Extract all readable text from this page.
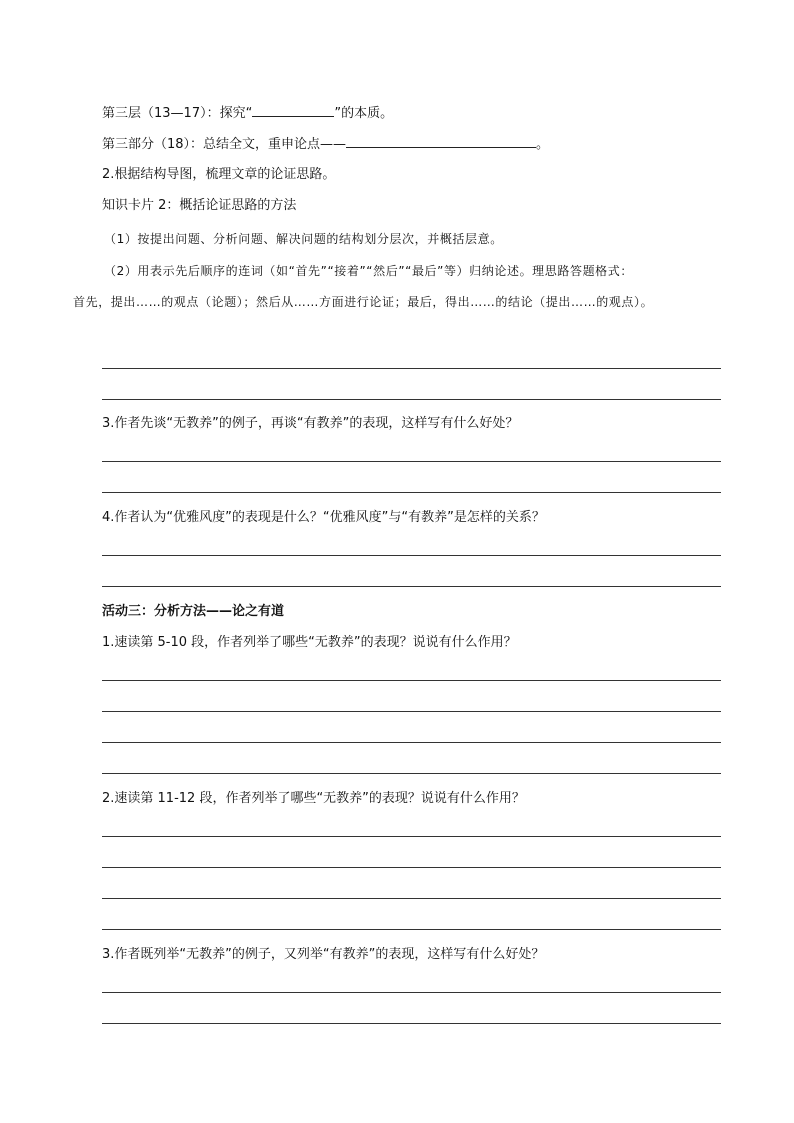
第三层（13—17）：探究“	”的本质。
第三部分（18）：总结全文，重申论点——	。
2.根据结构导图，梳理文章的论证思路。
知识卡片 2：概括论证思路的方法
（1）按提出问题、分析问题、解决问题的结构划分层次，并概括层意。
（2）用表示先后顺序的连词（如“首先”“接着”“然后”“最后”等）归纳论述。理思路答题格式：
首先，提出……的观点（论题）；然后从……方面进行论证；最后，得出……的结论（提出……的观点）。
3.作者先谈“无教养”的例子，再谈“有教养”的表现，这样写有什么好处？
4.作者认为“优雅风度”的表现是什么？“优雅风度”与“有教养”是怎样的关系？
活动三：分析方法——论之有道
1.速读第 5-10 段，作者列举了哪些“无教养”的表现？说说有什么作用？
2.速读第 11-12 段，作者列举了哪些“无教养”的表现？说说有什么作用？
3.作者既列举“无教养”的例子，又列举“有教养”的表现，这样写有什么好处？
